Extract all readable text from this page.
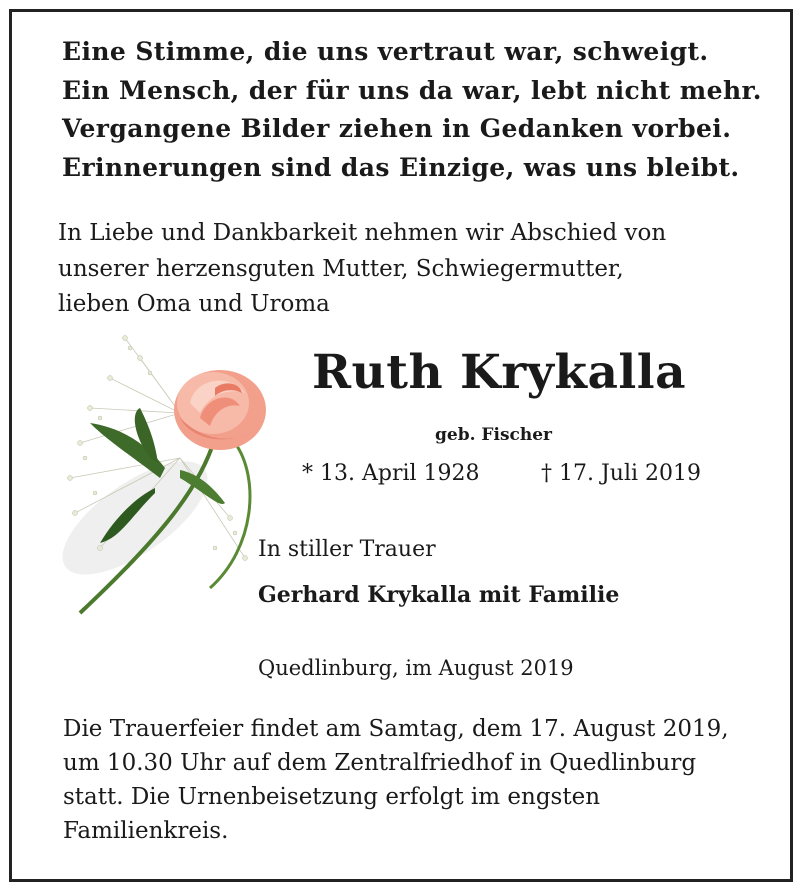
Eine Stimme, die uns vertraut war, schweigt.
Ein Mensch, der für uns da war, lebt nicht mehr.
Vergangene Bilder ziehen in Gedanken vorbei.
Erinnerungen sind das Einzige, was uns bleibt.
In Liebe und Dankbarkeit nehmen wir Abschied von
unserer herzensguten Mutter, Schwiegermutter,
lieben Oma und Uroma
Ruth Krykalla
geb. Fischer
* 13. April 1928	† 17. Juli 2019
In stiller Trauer
Gerhard Krykalla mit Familie
Quedlinburg, im August 2019
Die Trauerfeier findet am Samtag, dem 17. August 2019,
um 10.30 Uhr auf dem Zentralfriedhof in Quedlinburg
statt. Die Urnenbeisetzung erfolgt im engsten
Familienkreis.
